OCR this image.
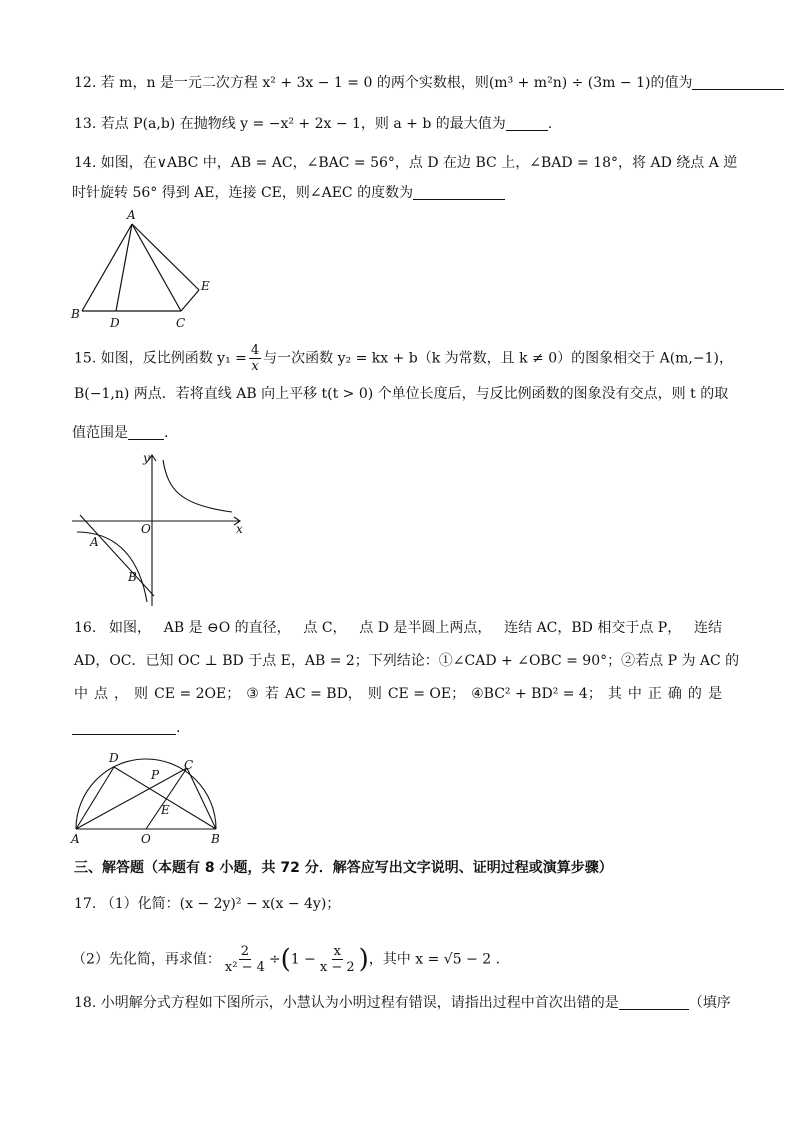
12. 若 m，n 是一元二次方程 x² + 3x − 1 = 0 的两个实数根，则(m³ + m²n) ÷ (3m − 1)的值为
13. 若点 P(a,b) 在抛物线 y = −x² + 2x − 1，则 a + b 的最大值为	.
14. 如图，在∨ABC 中，AB = AC，∠BAC = 56°，点 D 在边 BC 上，∠BAD = 18°，将 AD 绕点 A 逆
时针旋转 56° 得到 AE，连接 CE，则∠AEC 的度数为
A
B
D	C
E
15. 如图，反比例函数 $y_1 = \frac{4}{x}$ 与一次函数 y₂ = kx + b（k 为常数，且 k ≠ 0）的图象相交于 A(m,−1)，
B(−1,n) 两点．若将直线 AB 向上平移 t(t > 0) 个单位长度后，与反比例函数的图象没有交点，则 t 的取
值范围是	.
y
x
O
A
B
16. 如图， AB 是 ⊖O 的直径， 点 C， 点 D 是半圆上两点， 连结 AC，BD 相交于点 P， 连结
AD，OC．已知 OC ⊥ BD 于点 E，AB = 2；下列结论：①∠CAD + ∠OBC = 90°；②若点 P 为 AC 的
中 点 ， 则 CE = 2OE； ③ 若 AC = BD， 则 CE = OE； ④BC² + BD² = 4； 其 中 正 确 的 是
.
D	C
P
E
A	O	B
三、解答题（本题有 8 小题，共 72 分．解答应写出文字说明、证明过程或演算步骤）
17. （1）化简：(x − 2y)² − x(x − 4y)；
（2）先化简，再求值： $\frac{2}{\text{x² − 4}} \div(1 - \frac{x}{x - 2}$ )，其中 x = √5 − 2 .
18. 小明解分式方程如下图所示，小慧认为小明过程有错误，请指出过程中首次出错的是	（填序
